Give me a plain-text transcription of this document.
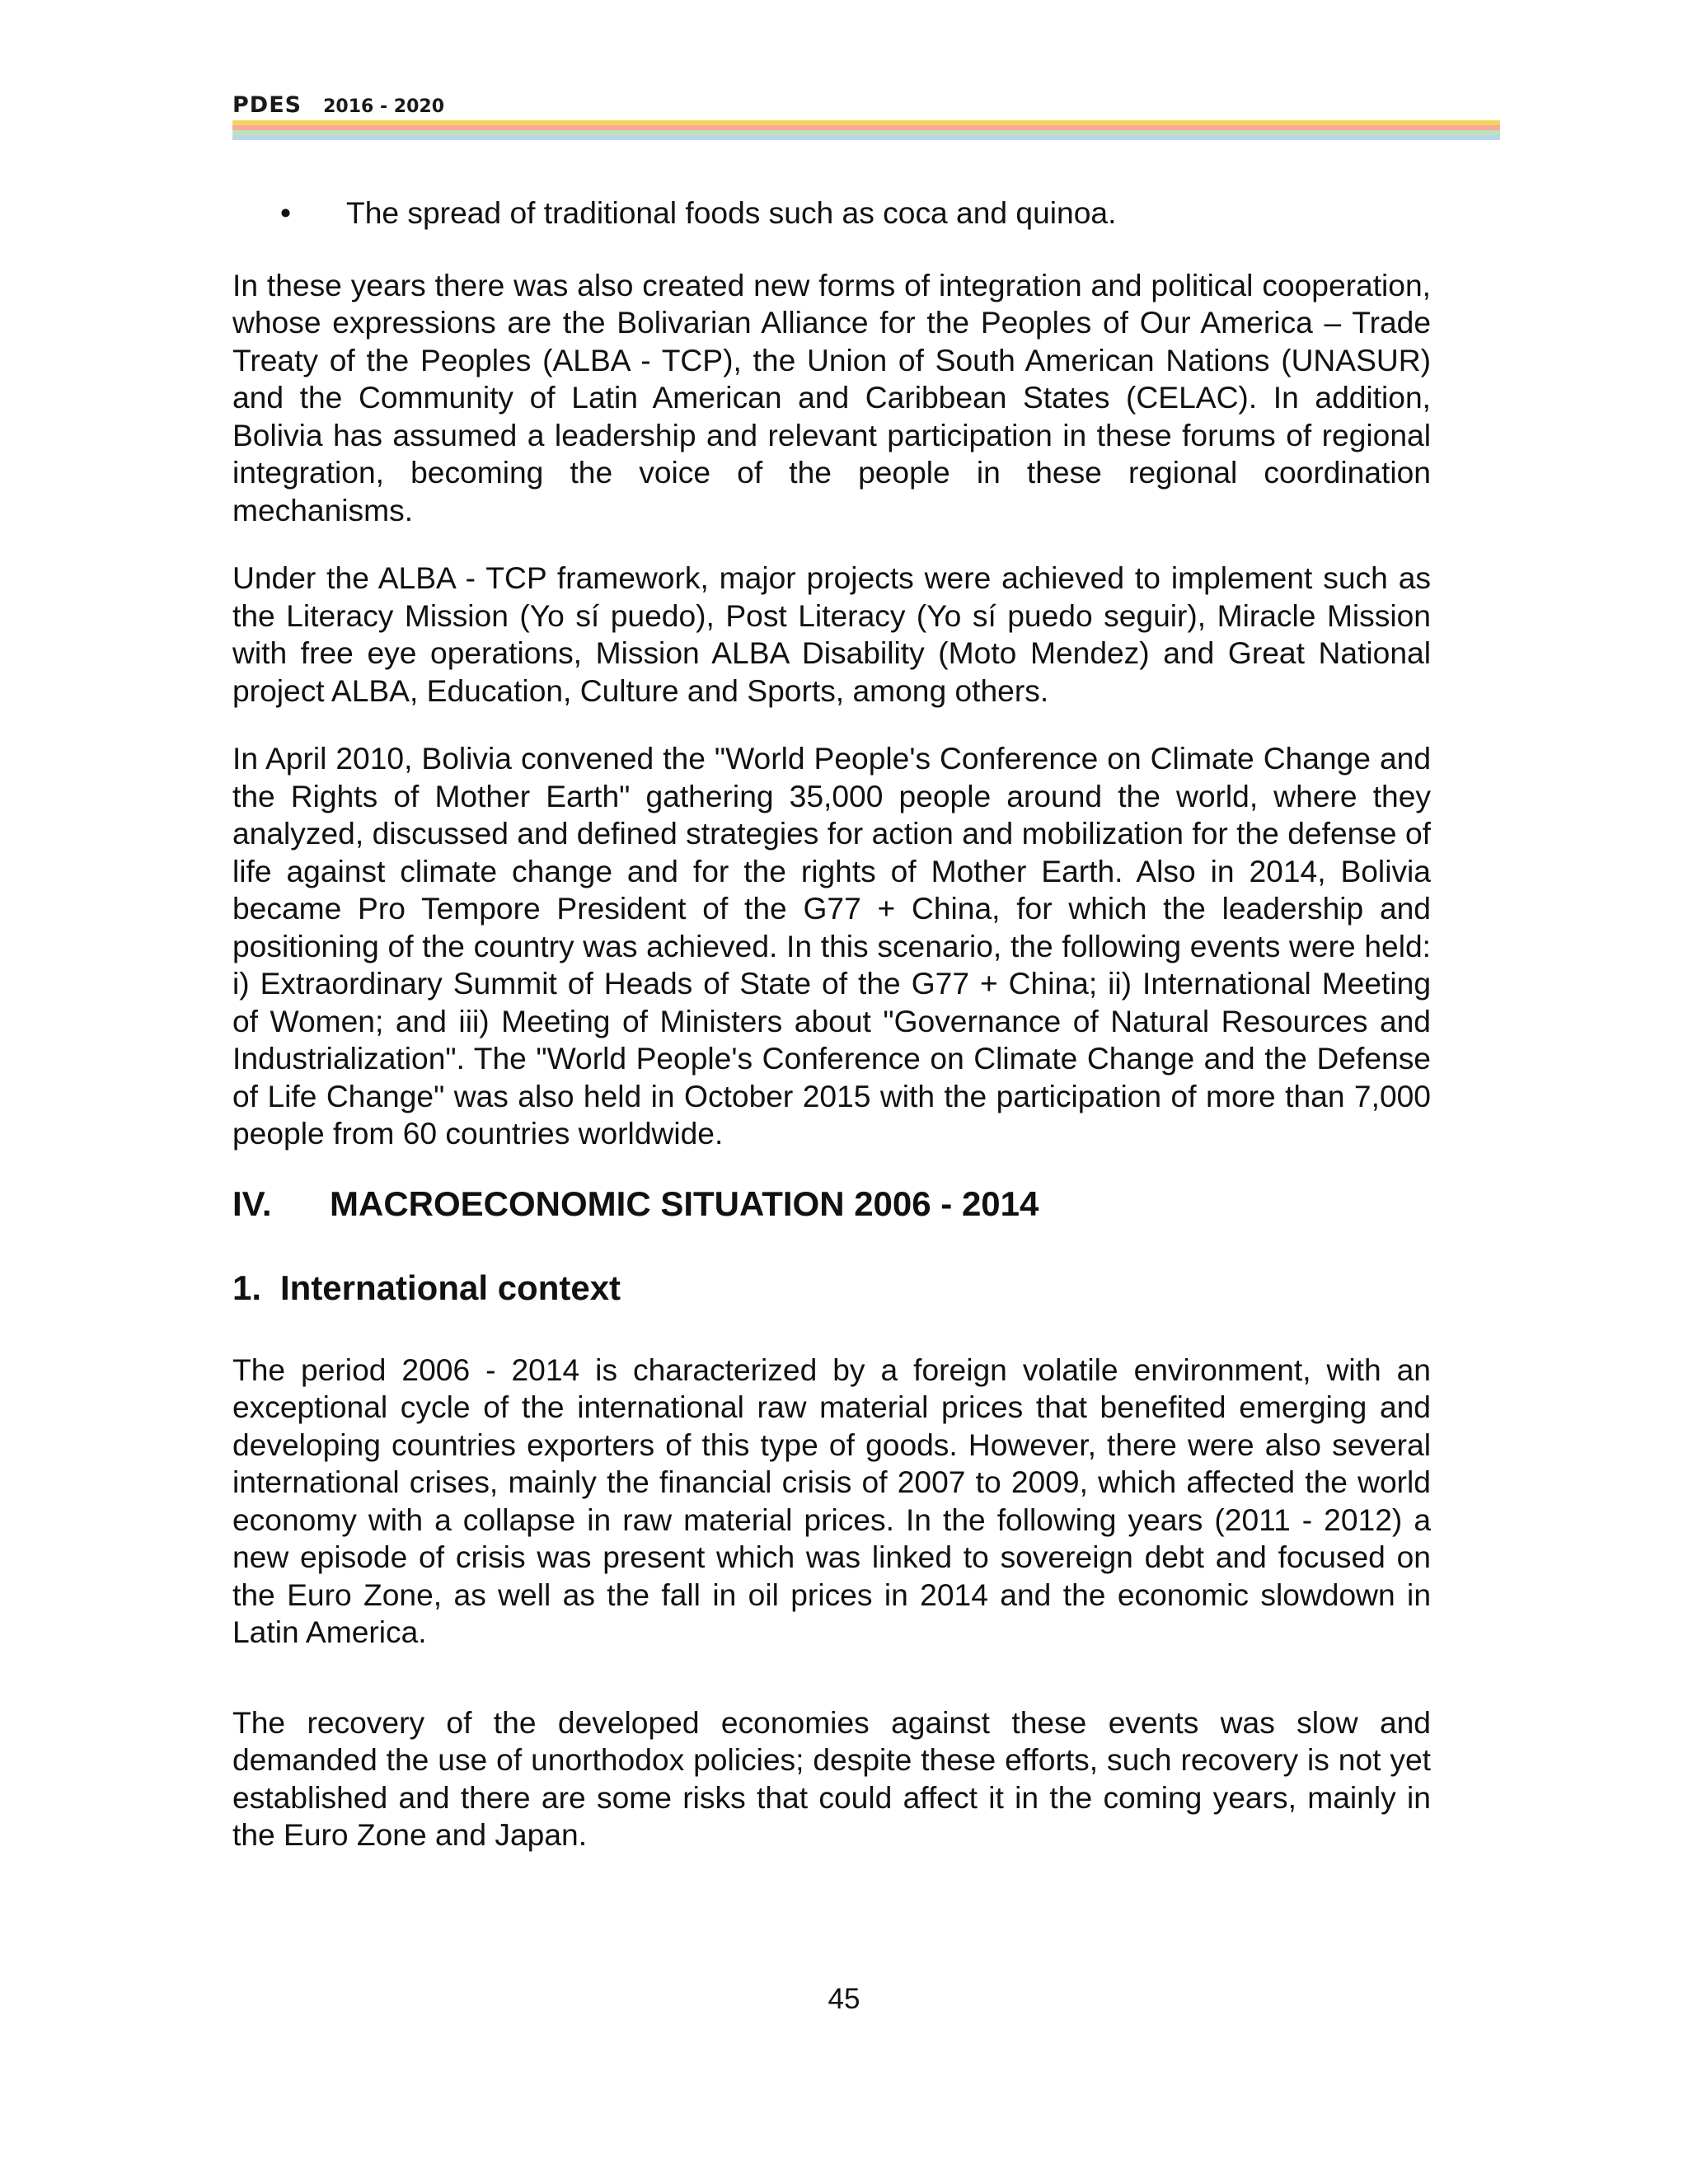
PDES 2016 - 2020
•	The spread of traditional foods such as coca and quinoa.

In these years there was also created new forms of integration and political cooperation, whose expressions are the Bolivarian Alliance for the Peoples of Our America – Trade Treaty of the Peoples (ALBA - TCP), the Union of South American Nations (UNASUR) and the Community of Latin American and Caribbean States (CELAC). In addition, Bolivia has assumed a leadership and relevant participation in these forums of regional integration, becoming the voice of the people in these regional coordination mechanisms.

Under the ALBA - TCP framework, major projects were achieved to implement such as the Literacy Mission (Yo sí puedo), Post Literacy (Yo sí puedo seguir), Miracle Mission with free eye operations, Mission ALBA Disability (Moto Mendez) and Great National project ALBA, Education, Culture and Sports, among others.

In April 2010, Bolivia convened the "World People's Conference on Climate Change and the Rights of Mother Earth" gathering 35,000 people around the world, where they analyzed, discussed and defined strategies for action and mobilization for the defense of life against climate change and for the rights of Mother Earth. Also in 2014, Bolivia became Pro Tempore President of the G77 + China, for which the leadership and positioning of the country was achieved. In this scenario, the following events were held: i) Extraordinary Summit of Heads of State of the G77 + China; ii) International Meeting of Women; and iii) Meeting of Ministers about "Governance of Natural Resources and Industrialization". The "World People's Conference on Climate Change and the Defense of Life Change" was also held in October 2015 with the participation of more than 7,000 people from 60 countries worldwide.

IV. MACROECONOMIC SITUATION 2006 - 2014
1. International context

The period 2006 - 2014 is characterized by a foreign volatile environment, with an exceptional cycle of the international raw material prices that benefited emerging and developing countries exporters of this type of goods. However, there were also several international crises, mainly the financial crisis of 2007 to 2009, which affected the world economy with a collapse in raw material prices. In the following years (2011 - 2012) a new episode of crisis was present which was linked to sovereign debt and focused on the Euro Zone, as well as the fall in oil prices in 2014 and the economic slowdown in Latin America.

The recovery of the developed economies against these events was slow and demanded the use of unorthodox policies; despite these efforts, such recovery is not yet established and there are some risks that could affect it in the coming years, mainly in the Euro Zone and Japan.

45
